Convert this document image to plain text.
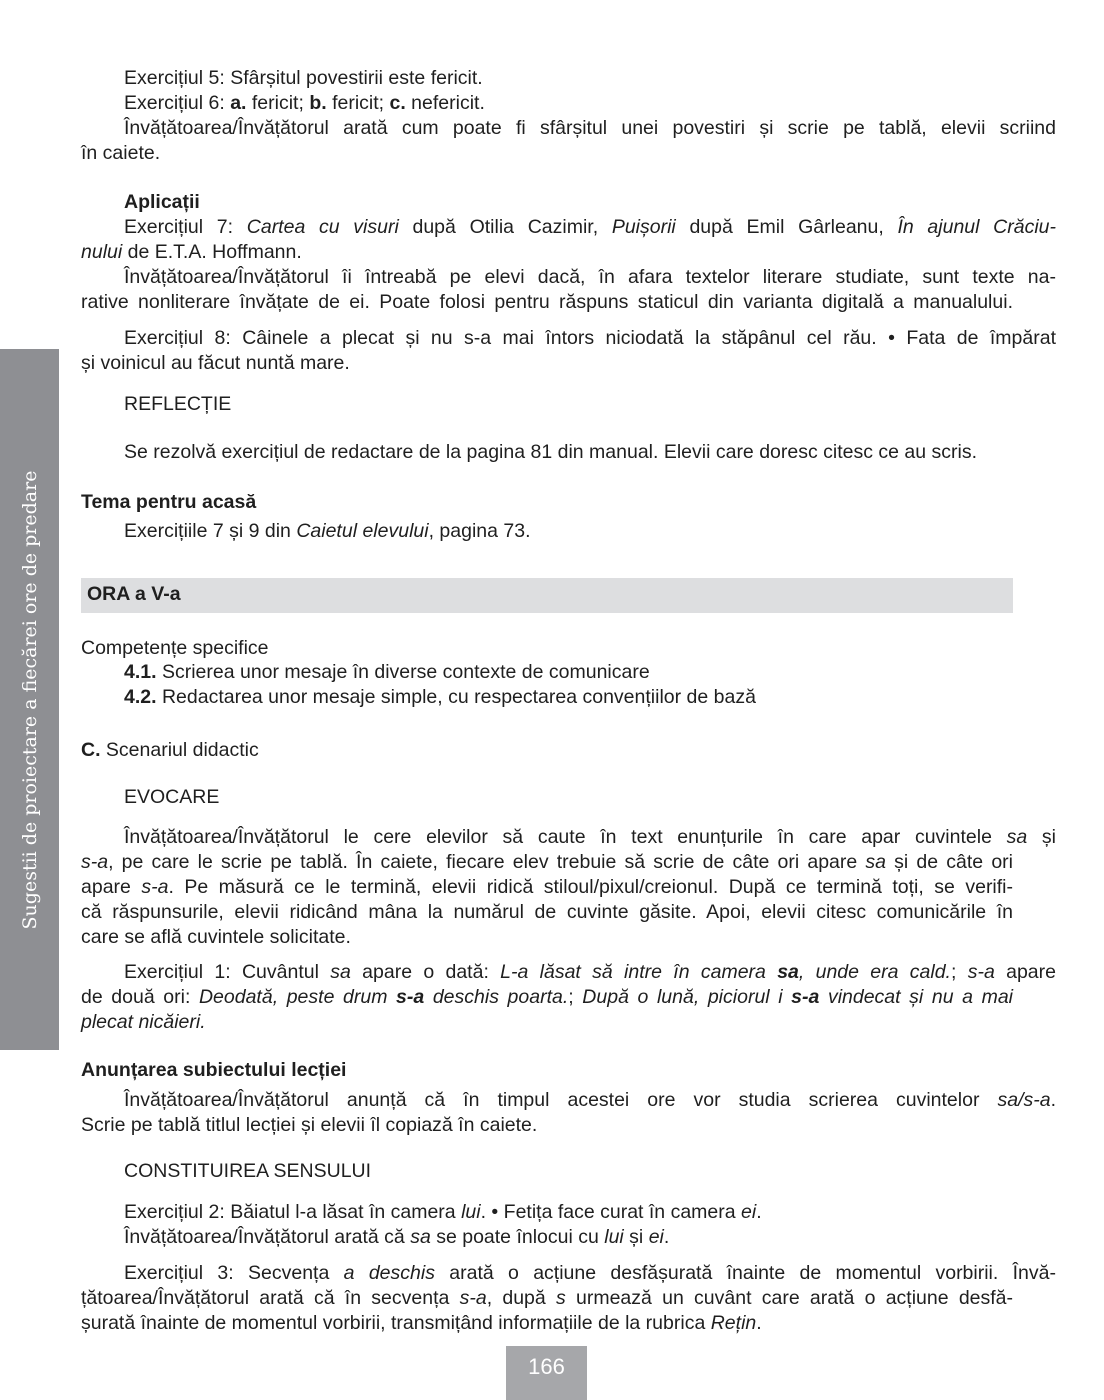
Sugestii de proiectare a fiecărei ore de predare ORA a V-a
Exercițiul 5: Sfârșitul povestirii este fericit.
Exercițiul 6: a. fericit; b. fericit; c. nefericit.
Învățătoarea/Învățătorul arată cum poate fi sfârșitul unei povestiri și scrie pe tablă, elevii scriind
în caiete.
Aplicații
Exercițiul 7: Cartea cu visuri după Otilia Cazimir, Puișorii după Emil Gârleanu, În ajunul Crăciu-
nului de E.T.A. Hoffmann.
Învățătoarea/Învățătorul îi întreabă pe elevi dacă, în afara textelor literare studiate, sunt texte na-
rative nonliterare învățate de ei. Poate folosi pentru răspuns staticul din varianta digitală a manualului.
Exercițiul 8: Câinele a plecat și nu s-a mai întors niciodată la stăpânul cel rău. • Fata de împărat
și voinicul au făcut nuntă mare.
REFLECȚIE
Se rezolvă exercițiul de redactare de la pagina 81 din manual. Elevii care doresc citesc ce au scris.
Tema pentru acasă
Exercițiile 7 și 9 din Caietul elevului, pagina 73.
Competențe specifice
4.1. Scrierea unor mesaje în diverse contexte de comunicare
4.2. Redactarea unor mesaje simple, cu respectarea convențiilor de bază
C. Scenariul didactic
EVOCARE
Învățătoarea/Învățătorul le cere elevilor să caute în text enunțurile în care apar cuvintele sa și
s-a, pe care le scrie pe tablă. În caiete, fiecare elev trebuie să scrie de câte ori apare sa și de câte ori
apare s-a. Pe măsură ce le termină, elevii ridică stiloul/pixul/creionul. După ce termină toți, se verifi-
că răspunsurile, elevii ridicând mâna la numărul de cuvinte găsite. Apoi, elevii citesc comunicările în
care se află cuvintele solicitate.
Exercițiul 1: Cuvântul sa apare o dată: L-a lăsat să intre în camera sa, unde era cald.; s-a apare
de două ori: Deodată, peste drum s-a deschis poarta.; După o lună, piciorul i s-a vindecat și nu a mai
plecat nicăieri.
Anunțarea subiectului lecției
Învățătoarea/Învățătorul anunță că în timpul acestei ore vor studia scrierea cuvintelor sa/s-a.
Scrie pe tablă titlul lecției și elevii îl copiază în caiete.
CONSTITUIREA SENSULUI
Exercițiul 2: Băiatul l-a lăsat în camera lui. • Fetița face curat în camera ei.
Învățătoarea/Învățătorul arată că sa se poate înlocui cu lui și ei.
Exercițiul 3: Secvența a deschis arată o acțiune desfășurată înainte de momentul vorbirii. Învă-
țătoarea/Învățătorul arată că în secvența s-a, după s urmează un cuvânt care arată o acțiune desfă-
șurată înainte de momentul vorbirii, transmițând informațiile de la rubrica Rețin.
166
